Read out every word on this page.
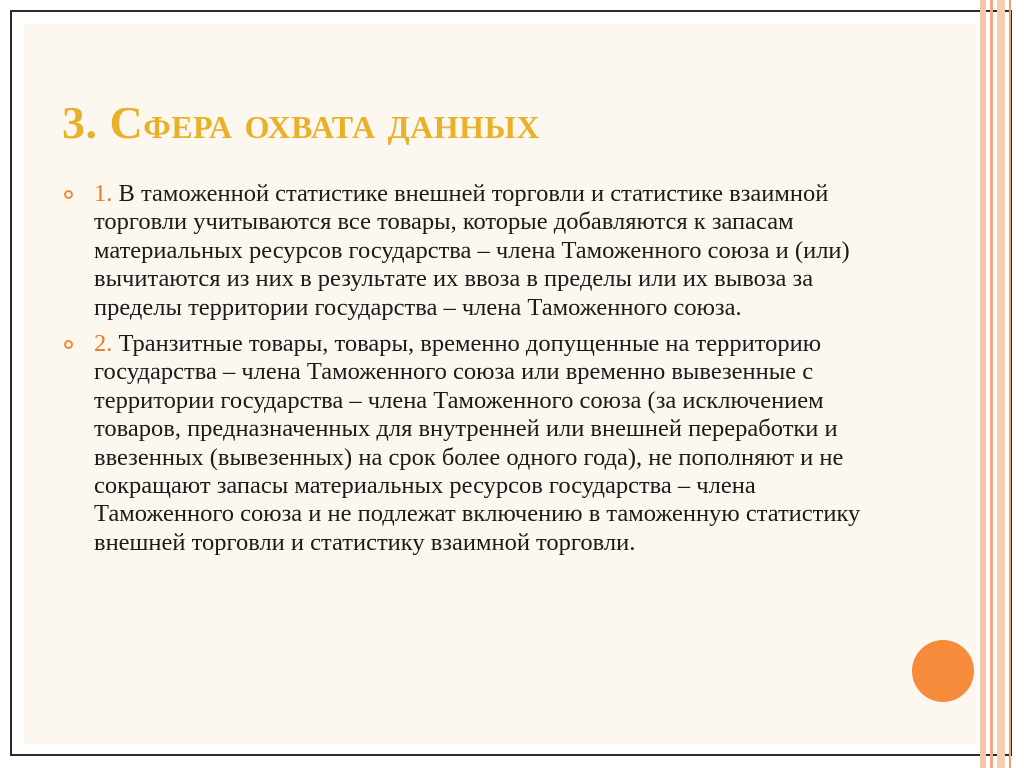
3. Сфера охвата данных
1. В таможенной статистике внешней торговли и статистике взаимной торговли учитываются все товары, которые добавляются к запасам материальных ресурсов государства – члена Таможенного союза и (или) вычитаются из них в результате их ввоза в пределы или их вывоза за пределы территории государства – члена Таможенного союза.
2. Транзитные товары, товары, временно допущенные на территорию государства – члена Таможенного союза или временно вывезенные с территории государства – члена Таможенного союза (за исключением товаров, предназначенных для внутренней или внешней переработки и ввезенных (вывезенных) на срок более одного года), не пополняют и не сокращают запасы материальных ресурсов государства – члена Таможенного союза и не подлежат включению в таможенную статистику внешней торговли и статистику взаимной торговли.
